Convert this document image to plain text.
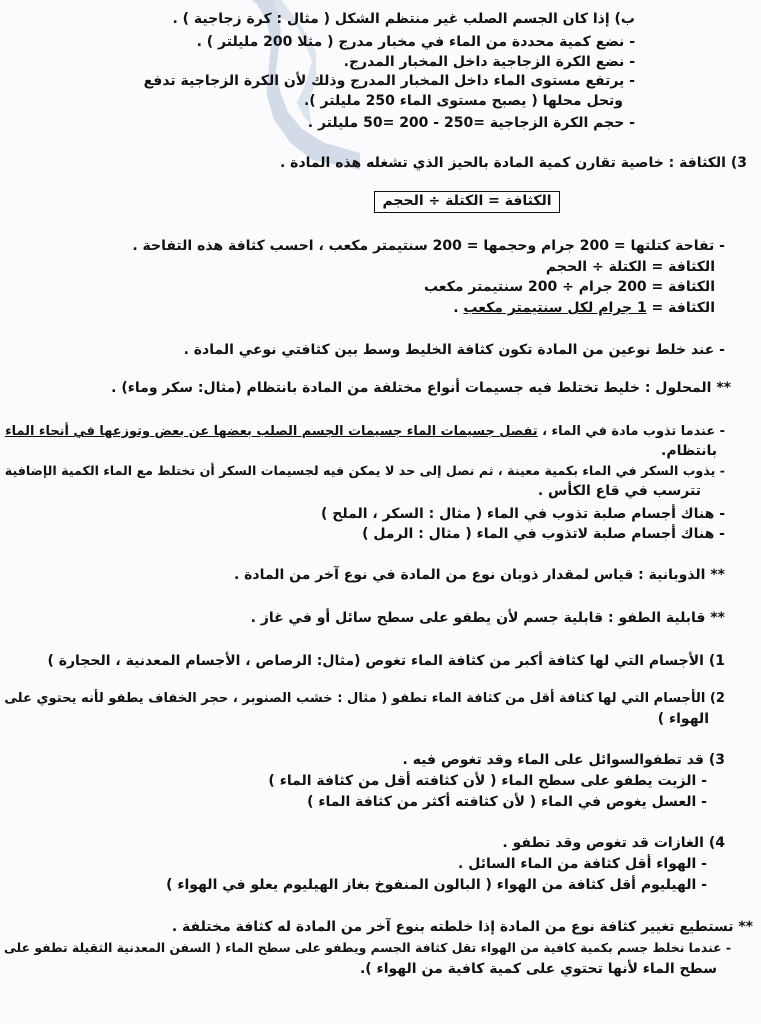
ب) إذا كان الجسم الصلب غير منتظم الشكل ( مثال : كرة زجاجية ) .
- نضع كمية محددة من الماء في مخبار مدرج ( مثلا 200 مليلتر ) .
- نضع الكرة الزجاجية داخل المخبار المدرج.
- يرتفع مستوى الماء داخل المخبار المدرج وذلك لأن الكرة الزجاجية تدفع
وتحل محلها ( يصبح مستوى الماء 250 مليلتر ).
- حجم الكرة الزجاجية =250 - 200 =50 مليلتر .
3) الكثافة : خاصية تقارن كمية المادة بالحيز الذي تشغله هذه المادة .
الكثافة = الكتلة ÷ الحجم
- تفاحة كتلتها = 200 جرام وحجمها = 200 سنتيمتر مكعب ، احسب كثافة هذه التفاحة .
الكثافة = الكتلة ÷ الحجم
الكثافة = 200 جرام ÷ 200 سنتيمتر مكعب
الكثافة = 1 جرام لكل سنتيمتر مكعب .
- عند خلط نوعين من المادة تكون كثافة الخليط وسط بين كثافتي نوعي المادة .
** المحلول : خليط تختلط فيه جسيمات أنواع مختلفة من المادة بانتظام (مثال: سكر وماء) .
- عندما تذوب مادة في الماء ، تفصل جسيمات الماء جسيمات الجسم الصلب بعضها عن بعض وتوزعها في أنحاء الماء
بانتظام.
- يذوب السكر في الماء بكمية معينة ، ثم نصل إلى حد لا يمكن فيه لجسيمات السكر أن تختلط مع الماء الكمية الإضافية
تترسب في قاع الكأس .
- هناك أجسام صلبة تذوب في الماء ( مثال : السكر ، الملح )
- هناك أجسام صلبة لاتذوب في الماء ( مثال : الرمل )
** الذوبانية : قياس لمقدار ذوبان نوع من المادة في نوع آخر من المادة .
** قابلية الطفو : قابلية جسم لأن يطفو على سطح سائل أو في غاز .
1) الأجسام التي لها كثافة أكبر من كثافة الماء تغوص (مثال: الرصاص ، الأجسام المعدنية ، الحجارة )
2) الأجسام التي لها كثافة أقل من كثافة الماء تطفو ( مثال : خشب الصنوبر ، حجر الخفاف يطفو لأنه يحتوي على
الهواء )
3) قد تطفوالسوائل على الماء وقد تغوص فيه .
- الزيت يطفو على سطح الماء ( لأن كثافته أقل من كثافة الماء )
- العسل يغوص في الماء ( لأن كثافته أكثر من كثافة الماء )
4) الغازات قد تغوص وقد تطفو .
- الهواء أقل كثافة من الماء السائل .
- الهيليوم أقل كثافة من الهواء ( البالون المنفوخ بغاز الهيليوم يعلو في الهواء )
** تستطيع تغيير كثافة نوع من المادة إذا خلطته بنوع آخر من المادة له كثافة مختلفة .
- عندما نخلط جسم بكمية كافية من الهواء تقل كثافة الجسم ويطفو على سطح الماء ( السفن المعدنية الثقيلة تطفو على
سطح الماء لأنها تحتوي على كمية كافية من الهواء ).
